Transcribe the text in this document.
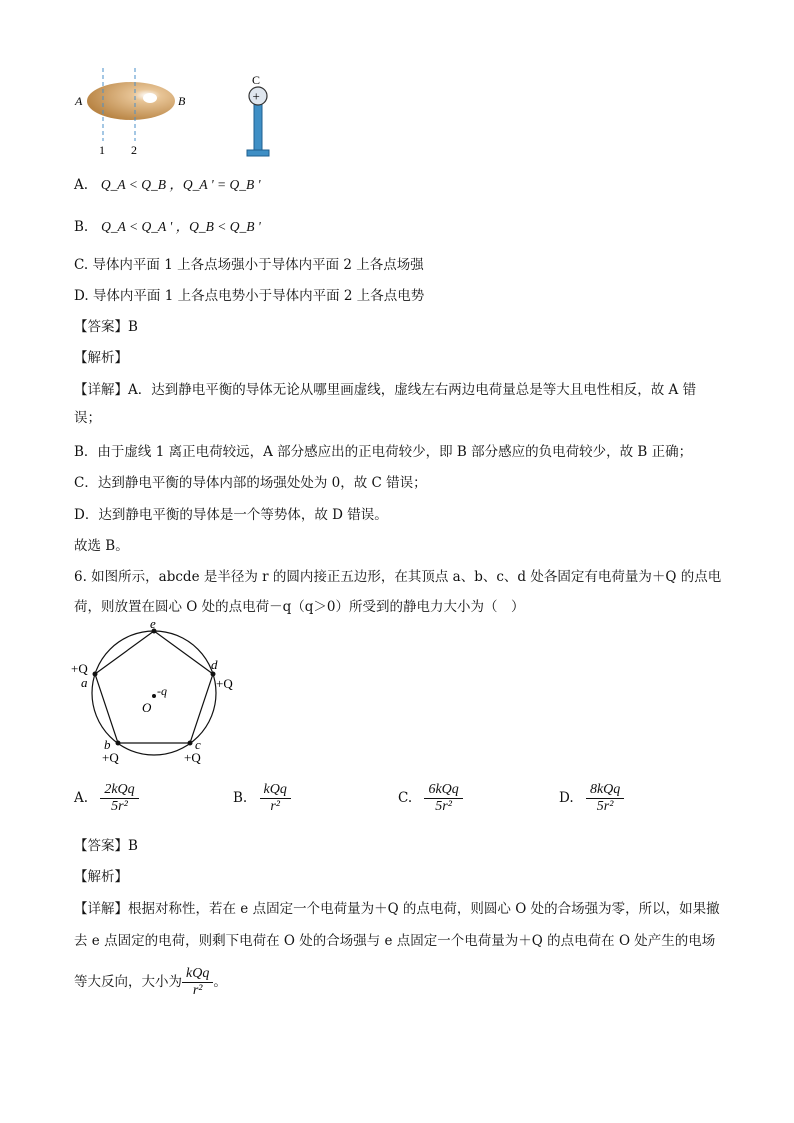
A	B
1 2
C
+
A. Q_A < Q_B ，Q_A ' = Q_B '
B. Q_A < Q_A ' ，Q_B < Q_B '
C. 导体内平面 1 上各点场强小于导体内平面 2 上各点场强
D. 导体内平面 1 上各点电势小于导体内平面 2 上各点电势
【答案】B
【解析】
【详解】A．达到静电平衡的导体无论从哪里画虚线，虚线左右两边电荷量总是等大且电性相反，故 A 错
误；
B．由于虚线 1 离正电荷较远，A 部分感应出的正电荷较少，即 B 部分感应的负电荷较少，故 B 正确；
C．达到静电平衡的导体内部的场强处处为 0，故 C 错误；
D．达到静电平衡的导体是一个等势体，故 D 错误。
故选 B。
6. 如图所示，abcde 是半径为 r 的圆内接正五边形，在其顶点 a、b、c、d 处各固定有电荷量为＋Q 的点电
荷，则放置在圆心 O 处的点电荷－q（q＞0）所受到的静电力大小为（　）
e
d
+Q
+Q
a
b
+Q
c
+Q
O
-q
A. $\frac{\text{2kQq}}{\text{5r²}}$	B. $\frac{\text{kQq}}{\text{r²}}$	C. $\frac{\text{6kQq}}{\text{5r²}}$	D. $\frac{\text{8kQq}}{\text{5r²}}$
【答案】B
【解析】
【详解】根据对称性，若在 e 点固定一个电荷量为＋Q 的点电荷，则圆心 O 处的合场强为零，所以，如果撤
去 e 点固定的电荷，则剩下电荷在 O 处的合场强与 e 点固定一个电荷量为＋Q 的点电荷在 O 处产生的电场
等大反向，大小为 $\frac{\text{kQq}}{\text{r²}}$ 。
